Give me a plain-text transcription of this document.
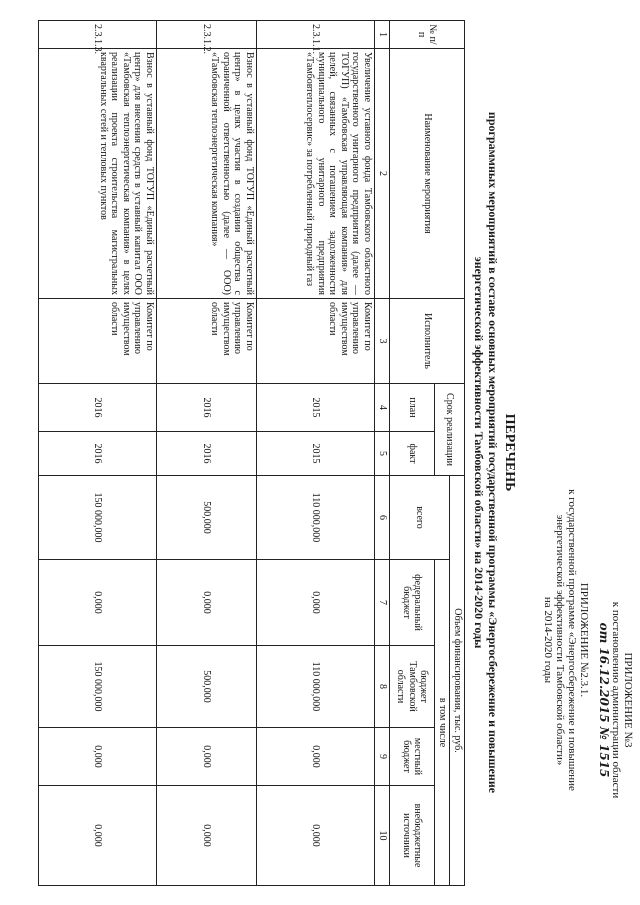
ПРИЛОЖЕНИЕ №3
к постановлению администрации области
от 16.12.2015 № 1515
ПРИЛОЖЕНИЕ №2.3.1.
к государственной программе «Энергосбережение и повышение
энергетической эффективности Тамбовской области»
на 2014-2020 годы
ПЕРЕЧЕНЬ
программных мероприятий в составе основных мероприятий государственной программы «Энергосбережение и повышение
энергетической эффективности Тамбовской области» на 2014-2020 годы
№ п/п	Наименование мероприятия	Исполнитель	Срок реализации		Объем финансирования, тыс. руб.				
					всего	в том числе			
			план	факт		федеральный бюджет	бюджет Тамбовской области	местный бюджет	внебюджетные источники

1	2	3	4	5	6	7	8	9	10
2.3.1.1.	Увеличение уставного фонда Тамбовского областного государственного унитарного предприятия (далее — ТОГУП) «Тамбовская управляющая компания» для целей, связанных с погашением задолженности муниципального унитарного предприятия «Тамбовтеплосервис» за потребленный природный газ	Комитет по управлению имуществом области	2015	2015	110 000,000	0,000	110 000,000	0,000	0,000
2.3.1.2.	Взнос в уставный фонд ТОГУП «Единый расчетный центр» в целях участия в создании общества с ограниченной ответственностью (далее — ООО) «Тамбовская теплоэнергетическая компания»	Комитет по управлению имуществом области	2016	2016	500,000	0,000	500,000	0,000	0,000
2.3.1.3.	Взнос в уставный фонд ТОГУП «Единый расчетный центр» для внесения средств в уставный капитал ООО «Тамбовская теплоэнергетическая компания» в целях реализации проекта строительства магистральных квартальных сетей и тепловых пунктов	Комитет по управлению имуществом области	2016	2016	150 000,000	0,000	150 000,000	0,000	0,000
